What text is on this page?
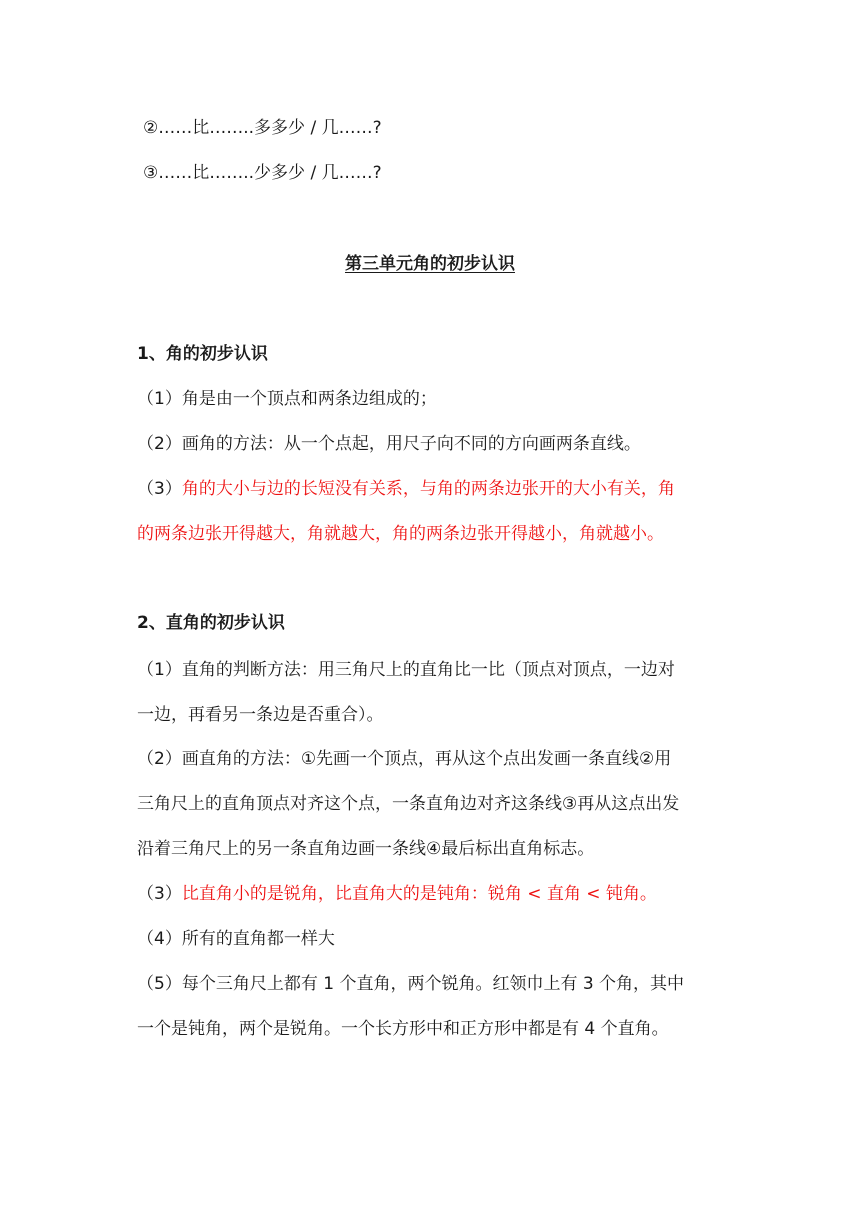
②……比……..多多少 / 几……?
③……比……..少多少 / 几……?
第三单元角的初步认识
1、角的初步认识
（1）角是由一个顶点和两条边组成的；
（2）画角的方法：从一个点起，用尺子向不同的方向画两条直线。
（3）角的大小与边的长短没有关系，与角的两条边张开的大小有关，角
的两条边张开得越大，角就越大，角的两条边张开得越小，角就越小。
2、直角的初步认识
（1）直角的判断方法：用三角尺上的直角比一比（顶点对顶点，一边对
一边，再看另一条边是否重合）。
（2）画直角的方法：①先画一个顶点，再从这个点出发画一条直线②用
三角尺上的直角顶点对齐这个点，一条直角边对齐这条线③再从这点出发
沿着三角尺上的另一条直角边画一条线④最后标出直角标志。
（3）比直角小的是锐角，比直角大的是钝角：锐角 < 直角 < 钝角。
（4）所有的直角都一样大
（5）每个三角尺上都有 1 个直角，两个锐角。红领巾上有 3 个角，其中
一个是钝角，两个是锐角。一个长方形中和正方形中都是有 4 个直角。
